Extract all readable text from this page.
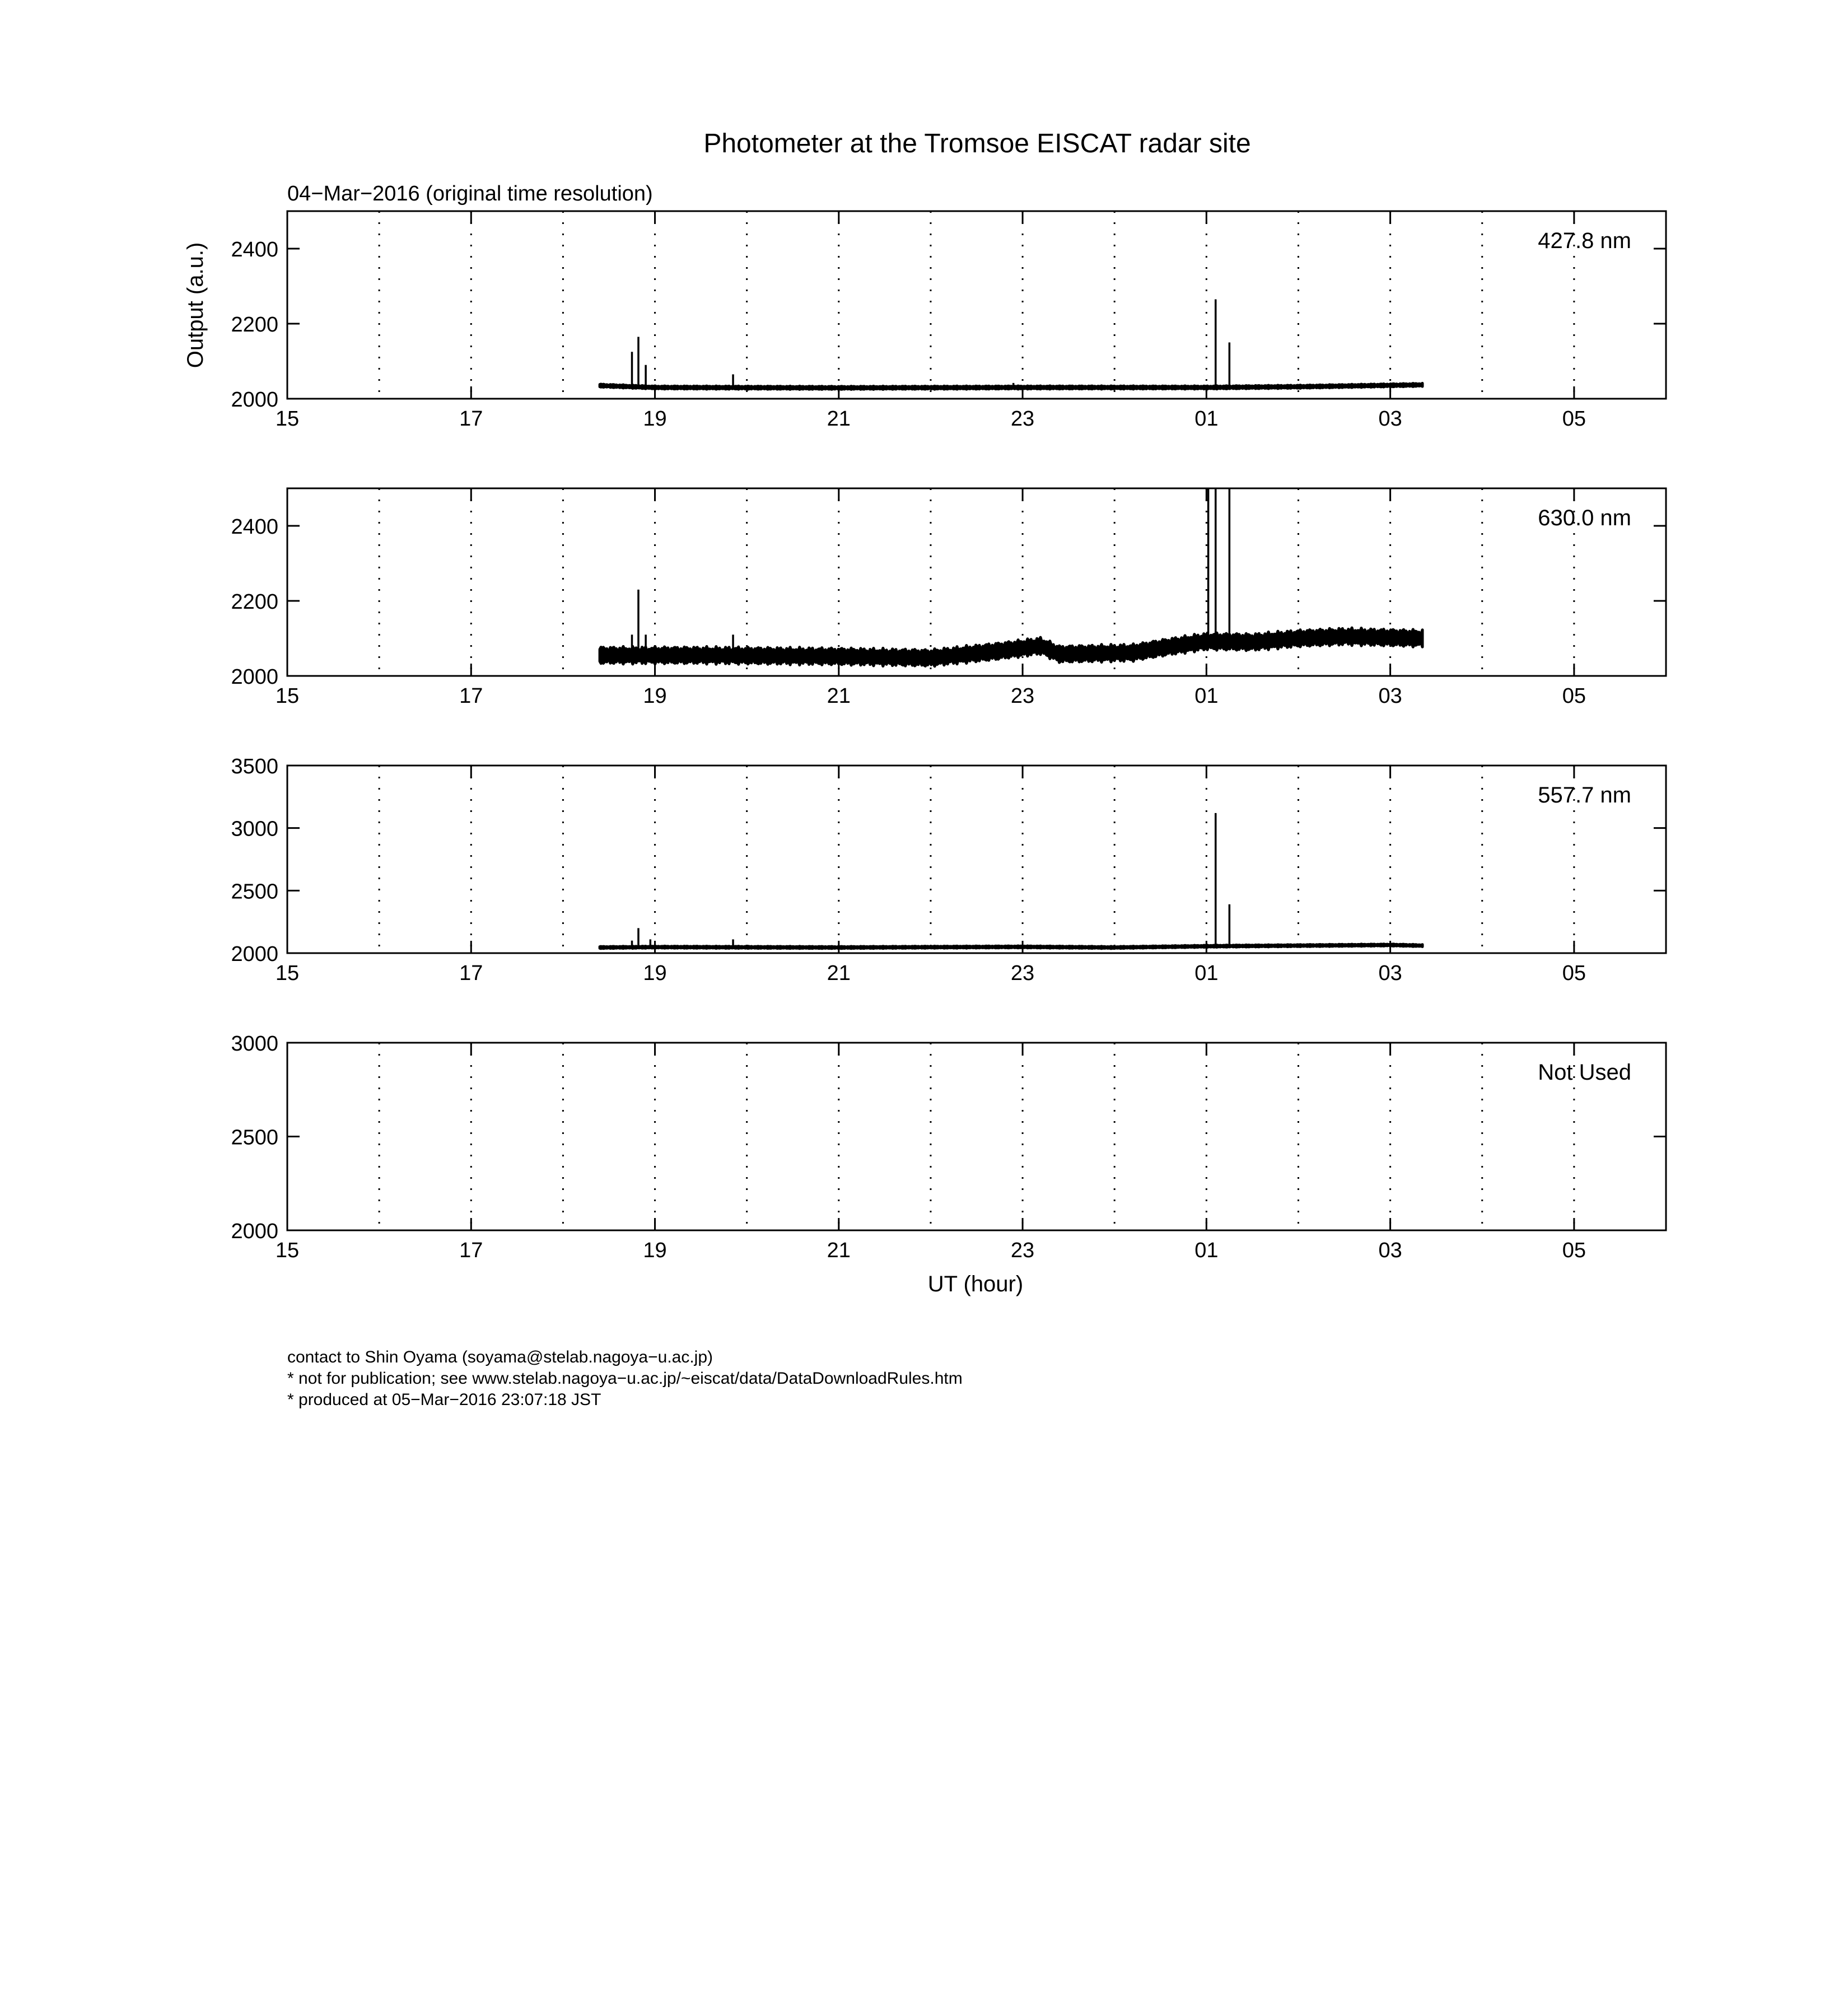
Photometer at the Tromsoe EISCAT radar site
04−Mar−2016 (original time resolution)
Output (a.u.)
UT (hour)
15	17	19	21	23	01	03	05
2000
2200
2400	427.8 nm
15	17	19	21	23	01	03	05
2000
2200
2400	630.0 nm
15	17	19	21	23	01	03	05
2000
2500
3000
3500
557.7 nm
15	17	19	21	23	01	03	05
2000
2500
3000
Not Used
contact to Shin Oyama (soyama@stelab.nagoya−u.ac.jp)
* not for publication; see www.stelab.nagoya−u.ac.jp/~eiscat/data/DataDownloadRules.htm
* produced at 05−Mar−2016 23:07:18 JST
